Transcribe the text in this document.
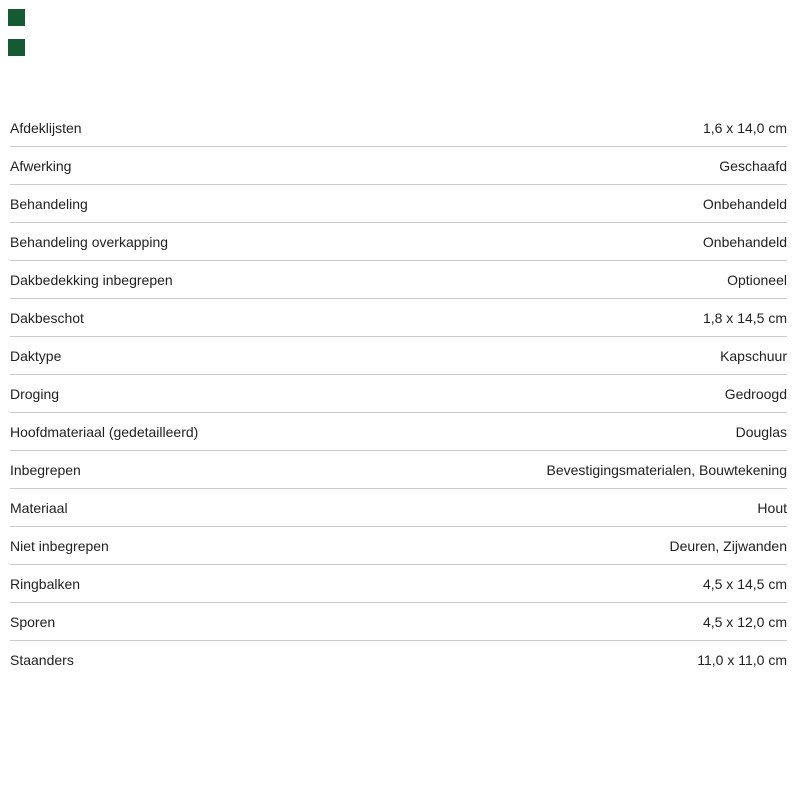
Afdeklijsten	1,6 x 14,0 cm
Afwerking	Geschaafd
Behandeling	Onbehandeld
Behandeling overkapping	Onbehandeld
Dakbedekking inbegrepen	Optioneel
Dakbeschot	1,8 x 14,5 cm
Daktype	Kapschuur
Droging	Gedroogd
Hoofdmateriaal (gedetailleerd)	Douglas
Inbegrepen	Bevestigingsmaterialen, Bouwtekening
Materiaal	Hout
Niet inbegrepen	Deuren, Zijwanden
Ringbalken	4,5 x 14,5 cm
Sporen	4,5 x 12,0 cm
Staanders	11,0 x 11,0 cm
